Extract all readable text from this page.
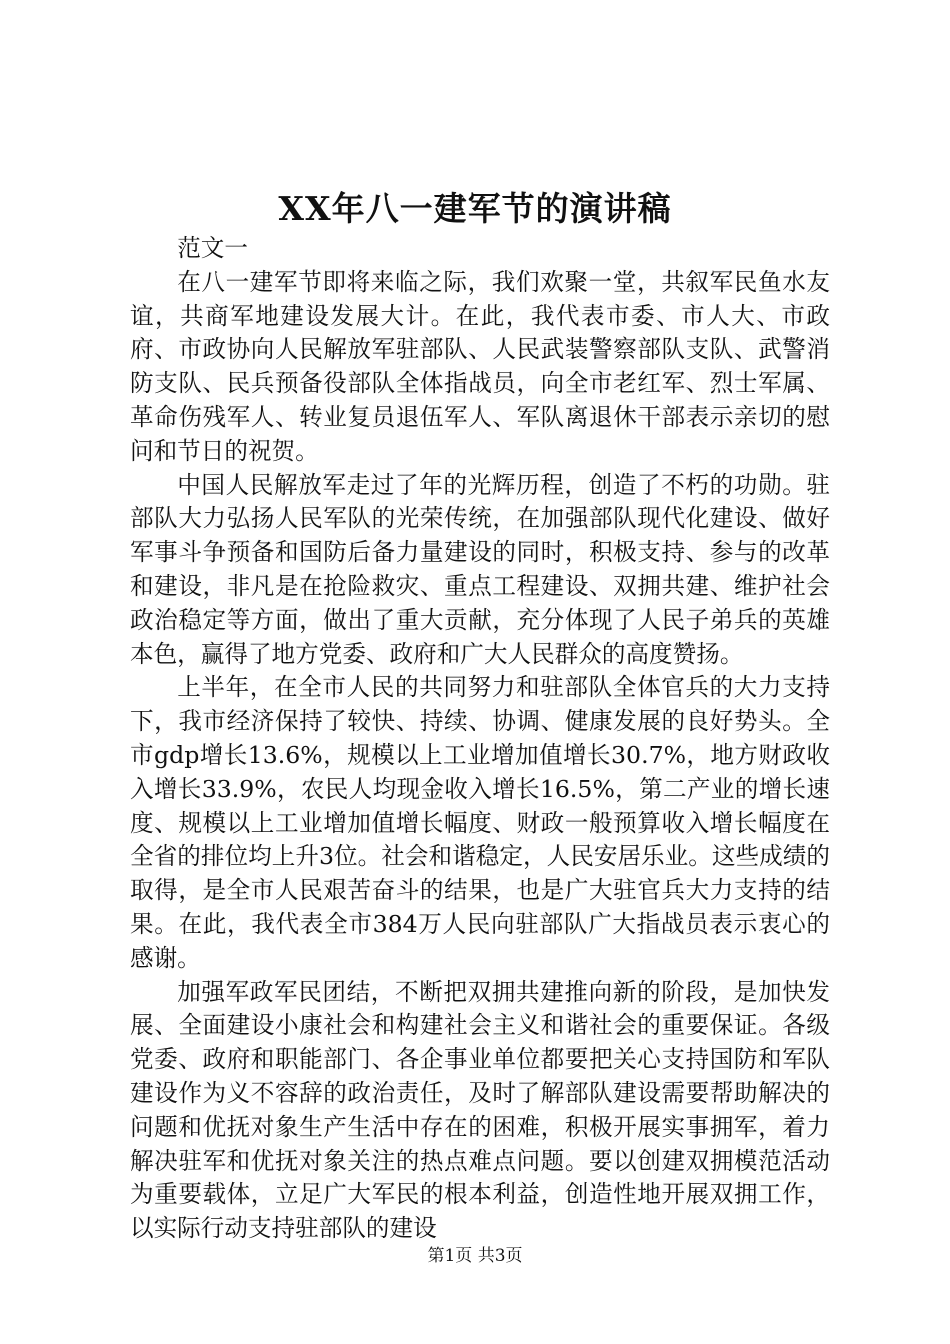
XX年八一建军节的演讲稿

范文一

在八一建军节即将来临之际，我们欢聚一堂，共叙军民鱼水友谊，共商军地建设发展大计。在此，我代表市委、市人大、市政府、市政协向人民解放军驻部队、人民武装警察部队支队、武警消防支队、民兵预备役部队全体指战员，向全市老红军、烈士军属、革命伤残军人、转业复员退伍军人、军队离退休干部表示亲切的慰问和节日的祝贺。

中国人民解放军走过了年的光辉历程，创造了不朽的功勋。驻部队大力弘扬人民军队的光荣传统，在加强部队现代化建设、做好军事斗争预备和国防后备力量建设的同时，积极支持、参与的改革和建设，非凡是在抢险救灾、重点工程建设、双拥共建、维护社会政治稳定等方面，做出了重大贡献，充分体现了人民子弟兵的英雄本色，赢得了地方党委、政府和广大人民群众的高度赞扬。

上半年，在全市人民的共同努力和驻部队全体官兵的大力支持下，我市经济保持了较快、持续、协调、健康发展的良好势头。全市gdp增长13.6%，规模以上工业增加值增长30.7%，地方财政收入增长33.9%，农民人均现金收入增长16.5%，第二产业的增长速度、规模以上工业增加值增长幅度、财政一般预算收入增长幅度在全省的排位均上升3位。社会和谐稳定，人民安居乐业。这些成绩的取得，是全市人民艰苦奋斗的结果，也是广大驻官兵大力支持的结果。在此，我代表全市384万人民向驻部队广大指战员表示衷心的感谢。

加强军政军民团结，不断把双拥共建推向新的阶段，是加快发展、全面建设小康社会和构建社会主义和谐社会的重要保证。各级党委、政府和职能部门、各企事业单位都要把关心支持国防和军队建设作为义不容辞的政治责任，及时了解部队建设需要帮助解决的问题和优抚对象生产生活中存在的困难，积极开展实事拥军，着力解决驻军和优抚对象关注的热点难点问题。要以创建双拥模范活动为重要载体，立足广大军民的根本利益，创造性地开展双拥工作，以实际行动支持驻部队的建设

第1页 共3页
